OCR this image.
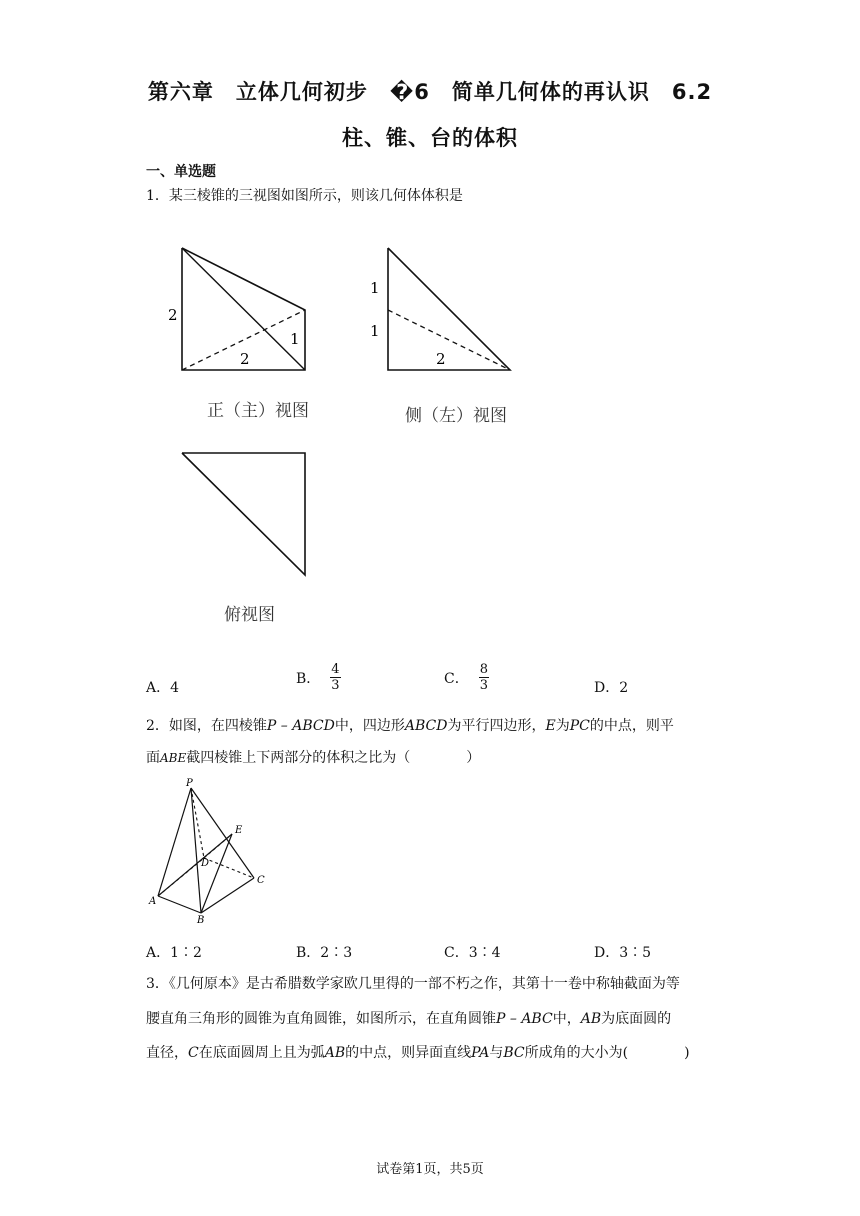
第六章　立体几何初步　�6　简单几何体的再认识　6.2
柱、锥、台的体积
一、单选题
1．某三棱锥的三视图如图所示，则该几何体体积是
2
2
1
正（主）视图
1
1
2
侧（左）视图
俯视图
A．4
B． $\frac{4}{3}$	C． $\frac{8}{3}$	D．2
2．如图，在四棱锥P – ABCD中，四边形ABCD为平行四边形，E为PC的中点，则平
面ABE截四棱锥上下两部分的体积之比为（　　　　）
P
E
D
A
B
C
A．1∶2	B．2∶3	C．3∶4	D．3∶5
3．《几何原本》是古希腊数学家欧几里得的一部不朽之作，其第十一卷中称轴截面为等
腰直角三角形的圆锥为直角圆锥，如图所示，在直角圆锥P – ABC中，AB为底面圆的
直径，C在底面圆周上且为弧AB的中点，则异面直线PA与BC所成角的大小为(　　　　)
试卷第1页，共5页
